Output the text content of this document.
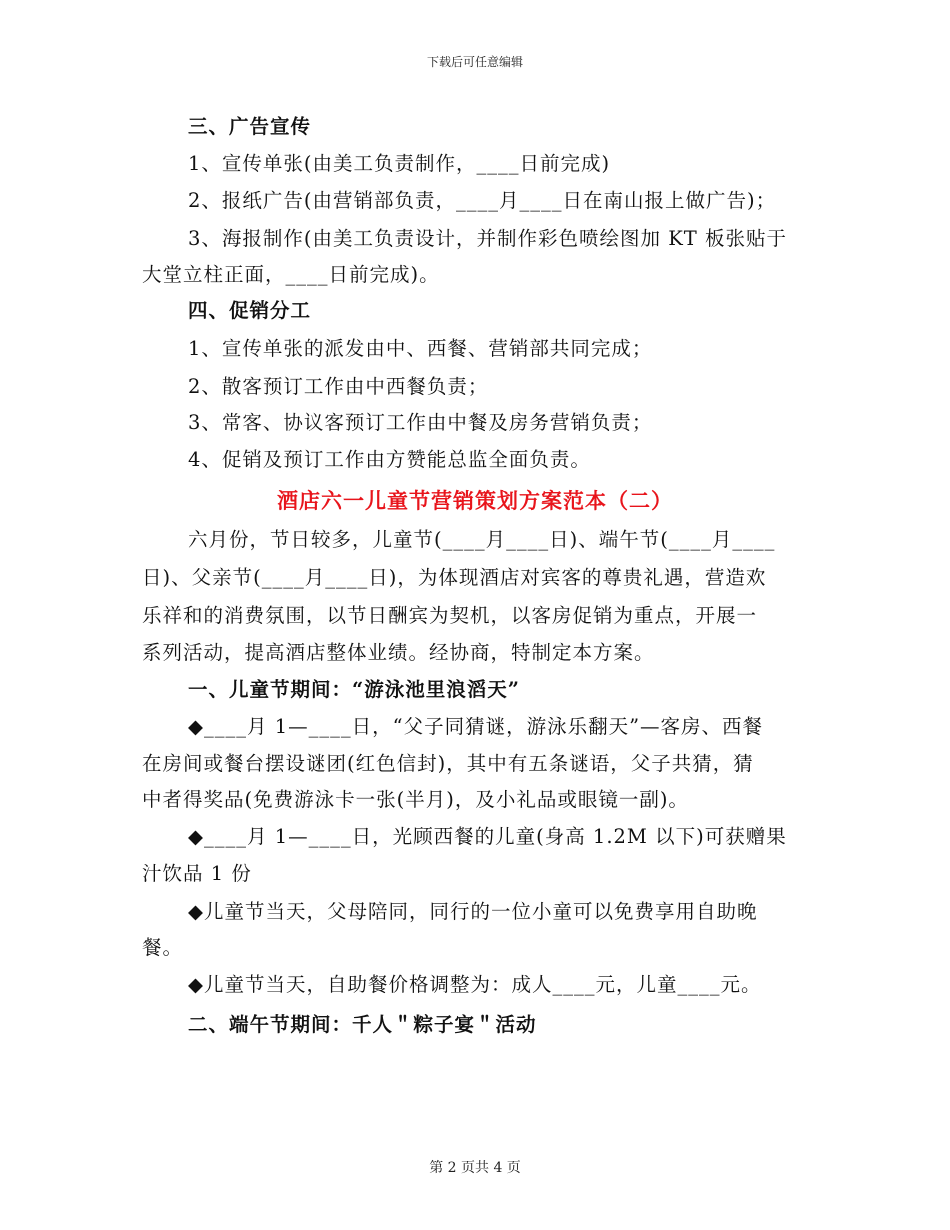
下载后可任意编辑
三、广告宣传
1、宣传单张(由美工负责制作，____日前完成)
2、报纸广告(由营销部负责，____月____日在南山报上做广告)；
3、海报制作(由美工负责设计，并制作彩色喷绘图加 KT 板张贴于
大堂立柱正面，____日前完成)。
四、促销分工
1、宣传单张的派发由中、西餐、营销部共同完成；
2、散客预订工作由中西餐负责；
3、常客、协议客预订工作由中餐及房务营销负责；
4、促销及预订工作由方赞能总监全面负责。
酒店六一儿童节营销策划方案范本（二）
六月份，节日较多，儿童节(____月____日)、端午节(____月____
日)、父亲节(____月____日)，为体现酒店对宾客的尊贵礼遇，营造欢
乐祥和的消费氛围，以节日酬宾为契机，以客房促销为重点，开展一
系列活动，提高酒店整体业绩。经协商，特制定本方案。
一、儿童节期间：“游泳池里浪滔天”
◆____月 1—____日，“父子同猜谜，游泳乐翻天”—客房、西餐
在房间或餐台摆设谜团(红色信封)，其中有五条谜语，父子共猜，猜
中者得奖品(免费游泳卡一张(半月)，及小礼品或眼镜一副)。
◆____月 1—____日，光顾西餐的儿童(身高 1.2M 以下)可获赠果
汁饮品 1 份
◆儿童节当天，父母陪同，同行的一位小童可以免费享用自助晚
餐。
◆儿童节当天，自助餐价格调整为：成人____元，儿童____元。
二、端午节期间：千人＂粽子宴＂活动
第 2 页共 4 页
